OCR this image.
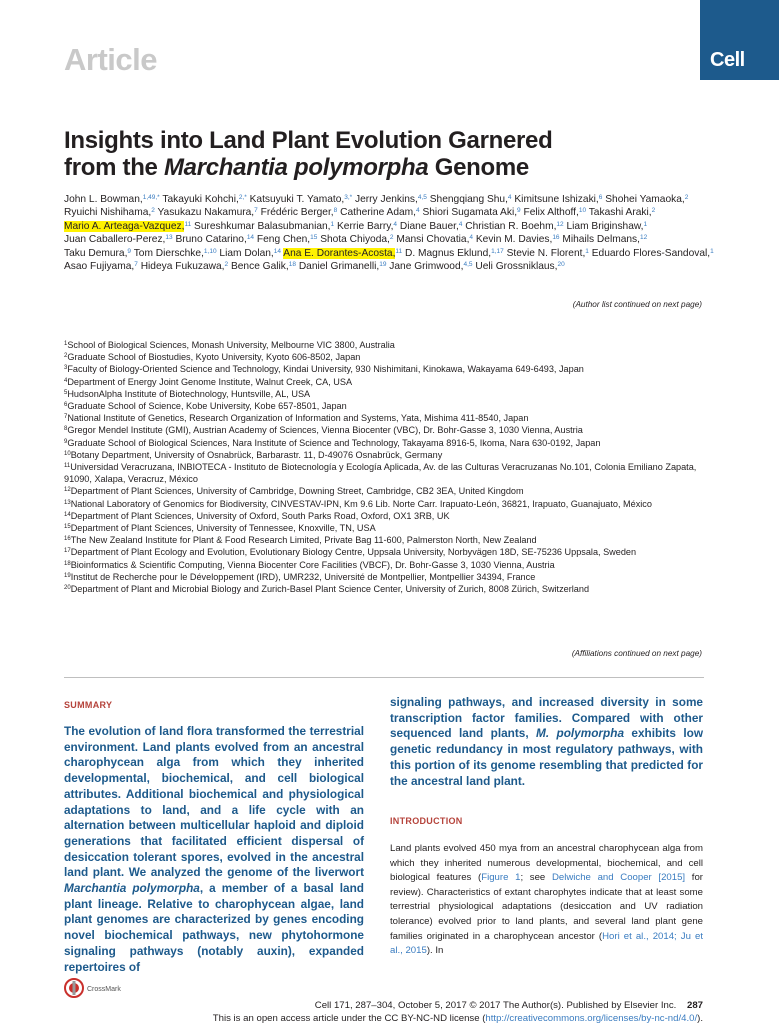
Article	Cell
Insights into Land Plant Evolution Garnered
from the Marchantia polymorpha Genome
John L. Bowman,$^{1,49,*}$ Takayuki Kohchi,$^{2,*}$ Katsuyuki T. Yamato,$^{3,*}$ Jerry Jenkins,$^{4,5}$ Shengqiang Shu,$^4$ Kimitsune Ishizaki,$^6$ Shohei Yamaoka,$^2$ Ryuichi Nishihama,$^2$ Yasukazu Nakamura,$^7$ Frédéric Berger,$^8$ Catherine Adam,$^4$ Shiori Sugamata Aki,$^9$ Felix Althoff,$^{10}$ Takashi Araki,$^2$ Mario A. Arteaga-Vazquez,$^{11}$ Sureshkumar Balasubmanian,$^1$ Kerrie Barry,$^4$ Diane Bauer,$^4$ Christian R. Boehm,$^{12}$ Liam Briginshaw,$^1$ Juan Caballero-Perez,$^{13}$ Bruno Catarino,$^{14}$ Feng Chen,$^{15}$ Shota Chiyoda,$^2$ Mansi Chovatia,$^4$ Kevin M. Davies,$^{16}$ Mihails Delmans,$^{12}$ Taku Demura,$^9$ Tom Dierschke,$^{1,10}$ Liam Dolan,$^{14}$ Ana E. Dorantes-Acosta,$^{11}$ D. Magnus Eklund,$^{1,17}$ Stevie N. Florent,$^1$ Eduardo Flores-Sandoval,$^1$ Asao Fujiyama,$^7$ Hideya Fukuzawa,$^2$ Bence Galik,$^{18}$ Daniel Grimanelli,$^{19}$ Jane Grimwood,$^{4,5}$ Ueli Grossniklaus,$^{20}$
(Author list continued on next page)
$^1$School of Biological Sciences, Monash University, Melbourne VIC 3800, Australia
$^2$Graduate School of Biostudies, Kyoto University, Kyoto 606-8502, Japan
$^3$Faculty of Biology-Oriented Science and Technology, Kindai University, 930 Nishimitani, Kinokawa, Wakayama 649-6493, Japan
$^4$Department of Energy Joint Genome Institute, Walnut Creek, CA, USA
$^5$HudsonAlpha Institute of Biotechnology, Huntsville, AL, USA
$^6$Graduate School of Science, Kobe University, Kobe 657-8501, Japan
$^7$National Institute of Genetics, Research Organization of Information and Systems, Yata, Mishima 411-8540, Japan
$^8$Gregor Mendel Institute (GMI), Austrian Academy of Sciences, Vienna Biocenter (VBC), Dr. Bohr-Gasse 3, 1030 Vienna, Austria
$^9$Graduate School of Biological Sciences, Nara Institute of Science and Technology, Takayama 8916-5, Ikoma, Nara 630-0192, Japan
$^{10}$Botany Department, University of Osnabrück, Barbarastr. 11, D-49076 Osnabrück, Germany
$^{11}$Universidad Veracruzana, INBIOTECA - Instituto de Biotecnología y Ecología Aplicada, Av. de las Culturas Veracruzanas No.101, Colonia Emiliano Zapata, 91090, Xalapa, Veracruz, México
$^{12}$Department of Plant Sciences, University of Cambridge, Downing Street, Cambridge, CB2 3EA, United Kingdom
$^{13}$National Laboratory of Genomics for Biodiversity, CINVESTAV-IPN, Km 9.6 Lib. Norte Carr. Irapuato-León, 36821, Irapuato, Guanajuato, México
$^{14}$Department of Plant Sciences, University of Oxford, South Parks Road, Oxford, OX1 3RB, UK
$^{15}$Department of Plant Sciences, University of Tennessee, Knoxville, TN, USA
$^{16}$The New Zealand Institute for Plant & Food Research Limited, Private Bag 11-600, Palmerston North, New Zealand
$^{17}$Department of Plant Ecology and Evolution, Evolutionary Biology Centre, Uppsala University, Norbyvägen 18D, SE-75236 Uppsala, Sweden
$^{18}$Bioinformatics & Scientific Computing, Vienna Biocenter Core Facilities (VBCF), Dr. Bohr-Gasse 3, 1030 Vienna, Austria
$^{19}$Institut de Recherche pour le Développement (IRD), UMR232, Université de Montpellier, Montpellier 34394, France
$^{20}$Department of Plant and Microbial Biology and Zurich-Basel Plant Science Center, University of Zurich, 8008 Zürich, Switzerland
(Affiliations continued on next page)
SUMMARY
The evolution of land flora transformed the terrestrial environment. Land plants evolved from an ancestral charophycean alga from which they inherited developmental, biochemical, and cell biological attributes. Additional biochemical and physiological adaptations to land, and a life cycle with an alternation between multicellular haploid and diploid generations that facilitated efficient dispersal of desiccation tolerant spores, evolved in the ancestral land plant. We analyzed the genome of the liverwort Marchantia polymorpha, a member of a basal land plant lineage. Relative to charophycean algae, land plant genomes are characterized by genes encoding novel biochemical pathways, new phytohormone signaling pathways (notably auxin), expanded repertoires of
signaling pathways, and increased diversity in some transcription factor families. Compared with other sequenced land plants, M. polymorpha exhibits low genetic redundancy in most regulatory pathways, with this portion of its genome resembling that predicted for the ancestral land plant.
INTRODUCTION
Land plants evolved 450 mya from an ancestral charophycean alga from which they inherited numerous developmental, biochemical, and cell biological features (Figure 1; see Delwiche and Cooper [2015] for review). Characteristics of extant charophytes indicate that at least some terrestrial physiological adaptations (desiccation and UV radiation tolerance) evolved prior to land plants, and several land plant gene families originated in a charophycean ancestor (Hori et al., 2014; Ju et al., 2015). In
CrossMark
Cell 171, 287–304, October 5, 2017 © 2017 The Author(s). Published by Elsevier Inc. 287
This is an open access article under the CC BY-NC-ND license (http://creativecommons.org/licenses/by-nc-nd/4.0/).
